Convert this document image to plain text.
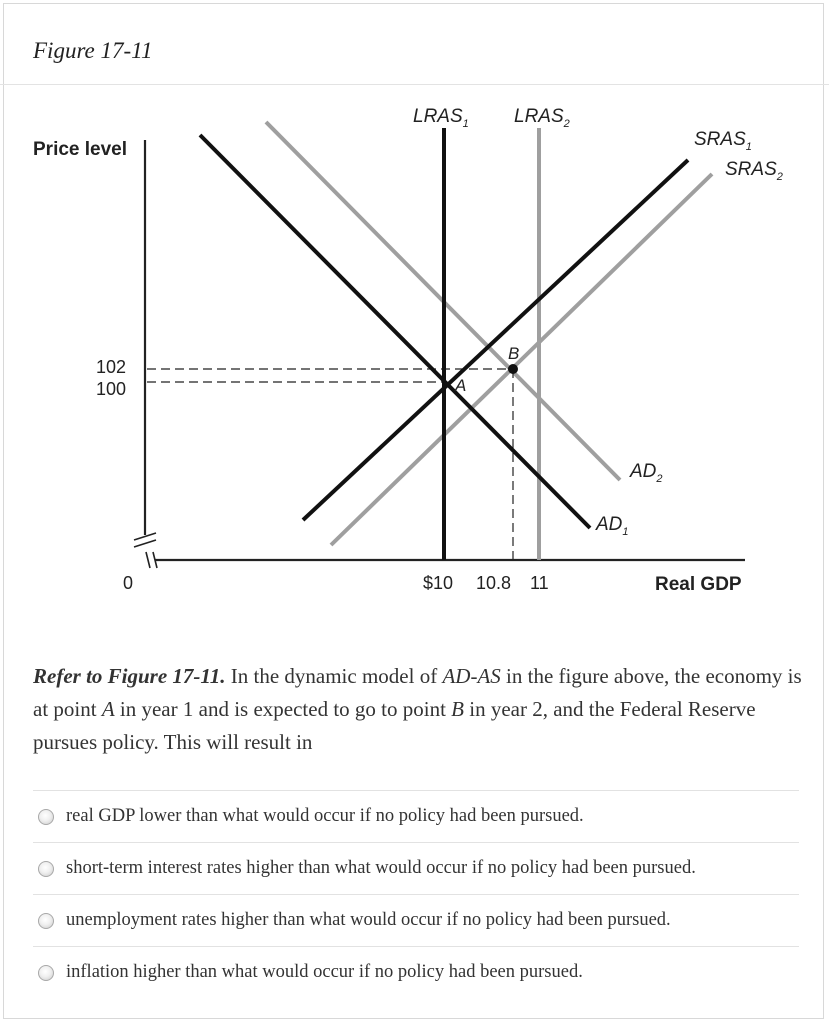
Figure 17-11
B
A
Price level
Real GDP
0
102
100
$10 10.8 11
$LRAS_1$ $LRAS_2$
$SRAS_1$
$SRAS_2$
$AD_2$
$AD_1$
Refer to Figure 17-11. In the dynamic model of AD-AS in the figure above, the economy is at point A in year 1 and is expected to go to point B in year 2, and the Federal Reserve pursues policy. This will result in
real GDP lower than what would occur if no policy had been pursued.
short-term interest rates higher than what would occur if no policy had been pursued.
unemployment rates higher than what would occur if no policy had been pursued.
inflation higher than what would occur if no policy had been pursued.
